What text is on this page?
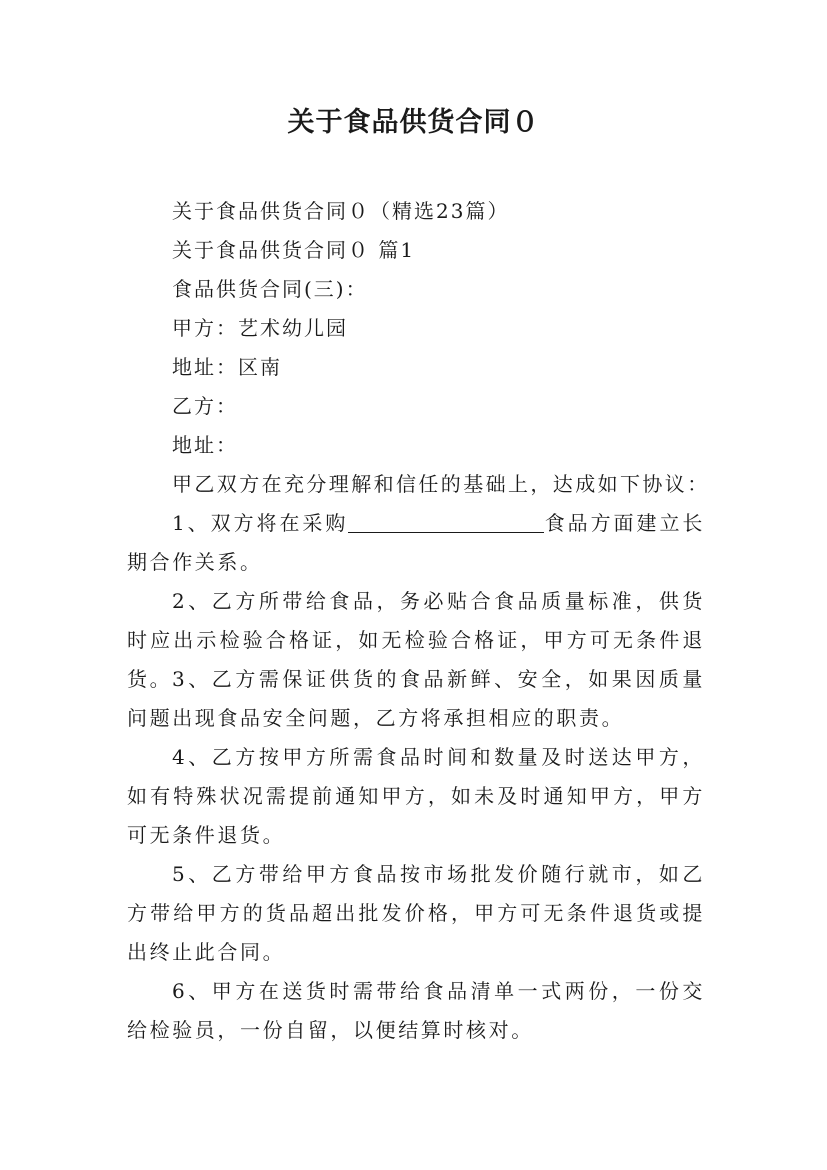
关于食品供货合同０
关于食品供货合同０（精选23篇）
关于食品供货合同０ 篇1
食品供货合同(三)：
甲方：艺术幼儿园
地址：区南
乙方：
地址：
甲乙双方在充分理解和信任的基础上，达成如下协议：
1、双方将在采购	食品方面建立长期合作关系。
2、乙方所带给食品，务必贴合食品质量标准，供货时应出示检验合格证，如无检验合格证，甲方可无条件退货。 3、乙方需保证供货的食品新鲜、安全，如果因质量问题出现食品安全问题，乙方将承担相应的职责。
4、乙方按甲方所需食品时间和数量及时送达甲方，如有特殊状况需提前通知甲方，如未及时通知甲方，甲方可无条件退货。
5、乙方带给甲方食品按市场批发价随行就市，如乙方带给甲方的货品超出批发价格，甲方可无条件退货或提出终止此合同。
6、甲方在送货时需带给食品清单一式两份，一份交给检验员，一份自留，以便结算时核对。
